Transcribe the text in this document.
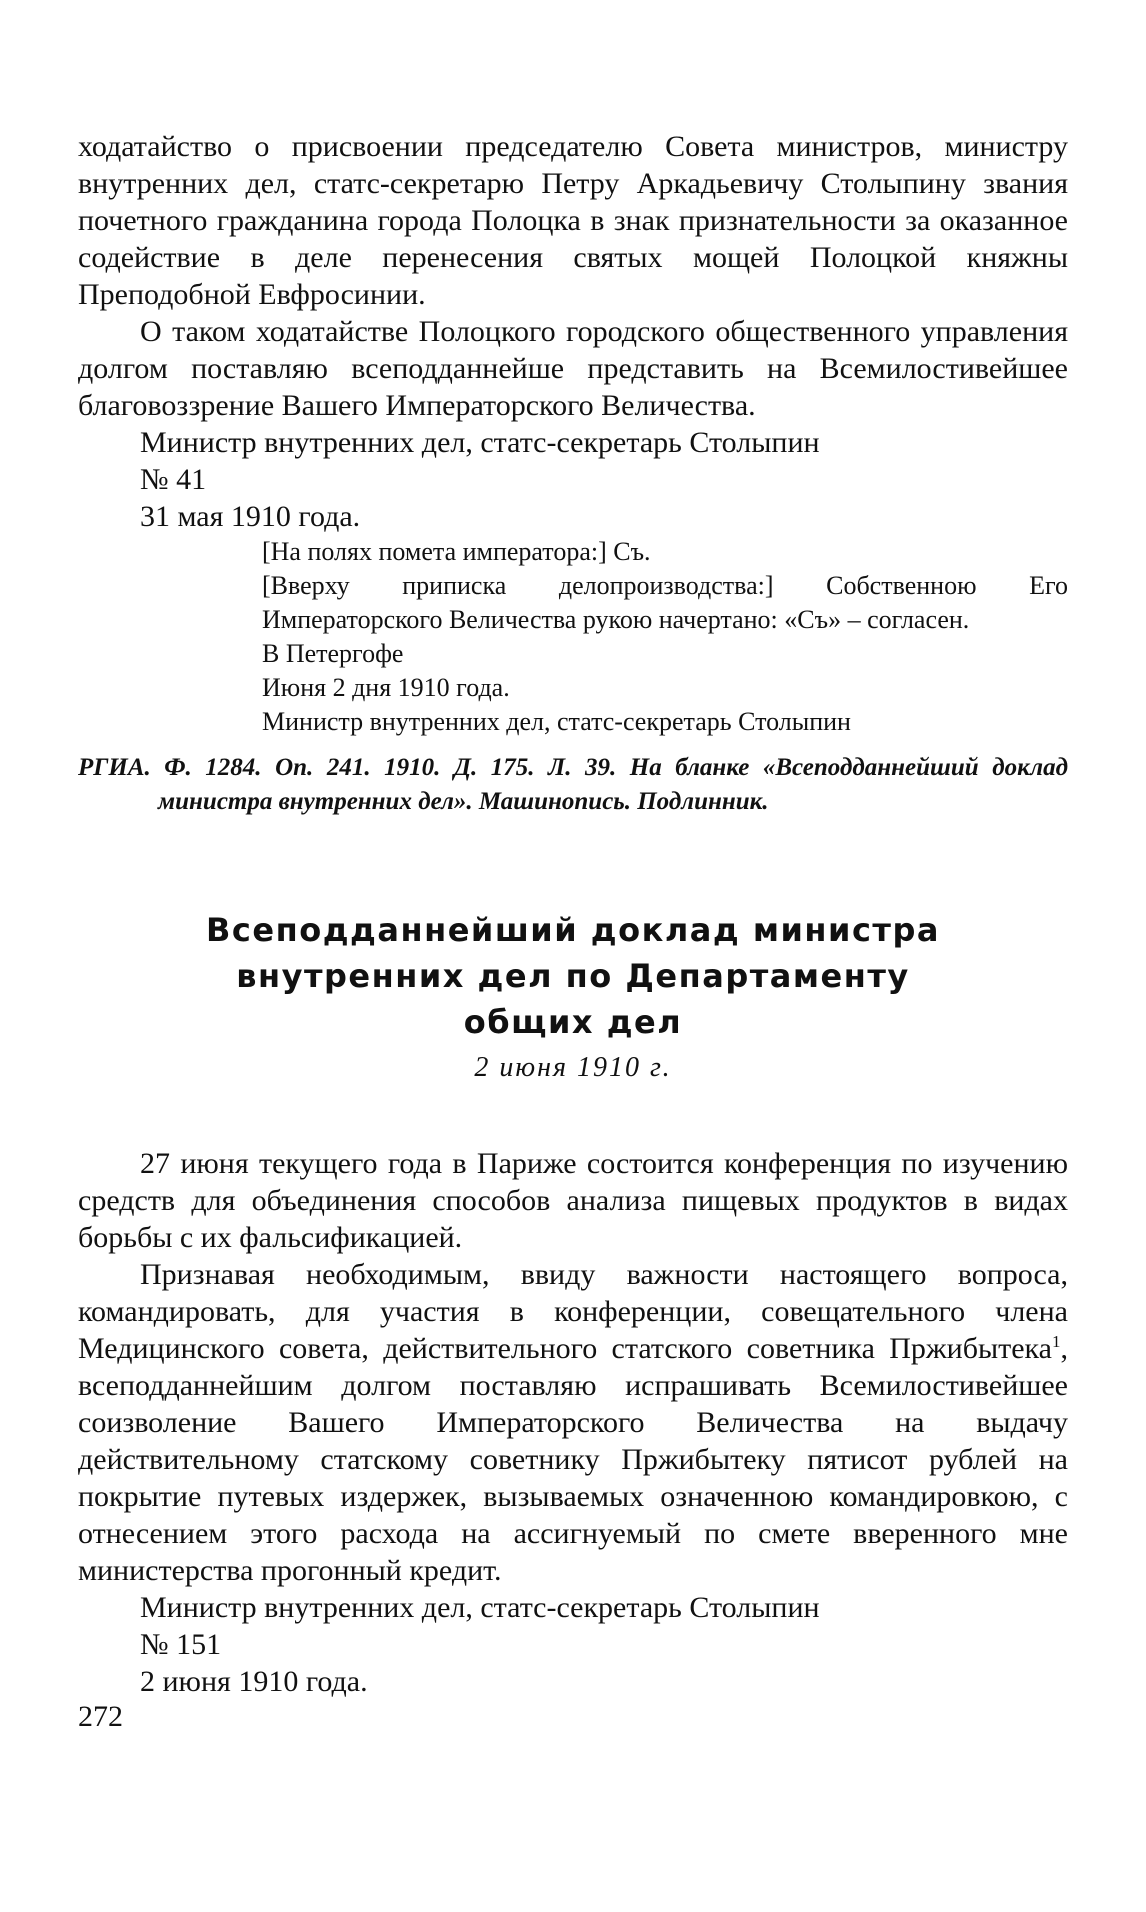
ходатайство о присвоении председателю Совета министров, министру внутренних дел, статс-секретарю Петру Аркадьевичу Столыпину звания почетного гражданина города Полоцка в знак признательности за оказанное содействие в деле перенесения святых мощей Полоцкой княжны Преподобной Евфросинии.

О таком ходатайстве Полоцкого городского общественного управления долгом поставляю всеподданнейше представить на Всемилостивейшее благовоззрение Вашего Императорского Величества.

Министр внутренних дел, статс-секретарь Столыпин

№ 41

31 мая 1910 года.

[На полях помета императора:] Съ.

[Вверху приписка делопроизводства:] Собственною Его Императорского Величества рукою начертано: «Съ» – согласен.

В Петергофе

Июня 2 дня 1910 года.

Министр внутренних дел, статс-секретарь Столыпин

РГИА. Ф. 1284. Оп. 241. 1910. Д. 175. Л. 39. На бланке «Всеподданнейший доклад министра внутренних дел». Машинопись. Подлинник.

Всеподданнейший доклад министра
внутренних дел по Департаменту
общих дел

2 июня 1910 г.

27 июня текущего года в Париже состоится конференция по изучению средств для объединения способов анализа пищевых продуктов в видах борьбы с их фальсификацией.

Признавая необходимым, ввиду важности настоящего вопроса, командировать, для участия в конференции, совещательного члена Медицинского совета, действительного статского советника Пржибытека$^1$, всеподданнейшим долгом поставляю испрашивать Всемилостивейшее соизволение Вашего Императорского Величества на выдачу действительному статскому советнику Пржибытеку пятисот рублей на покрытие путевых издержек, вызываемых означенною командировкою, с отнесением этого расхода на ассигнуемый по смете вверенного мне министерства прогонный кредит.

Министр внутренних дел, статс-секретарь Столыпин

№ 151

2 июня 1910 года.

272
